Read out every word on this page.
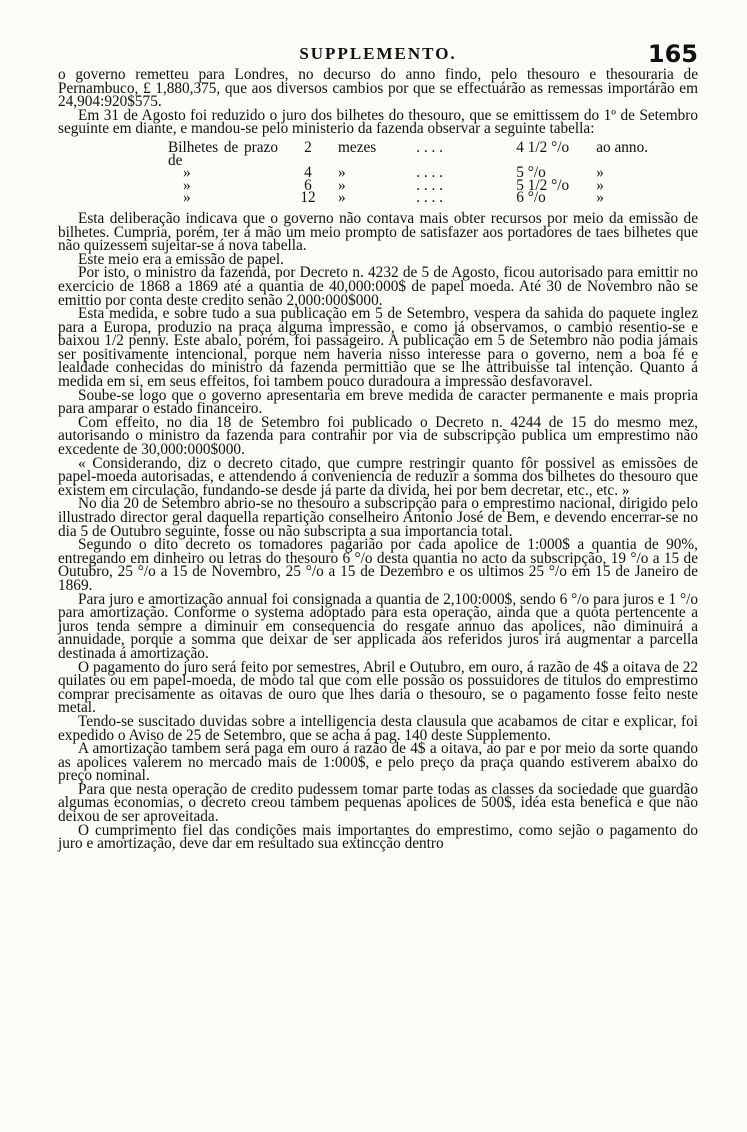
SUPPLEMENTO.	165

o governo remetteu para Londres, no decurso do anno findo, pelo thesouro e thesouraria de Pernambuco, £ 1,880,375, que aos diversos cambios por que se effectuárão as remessas importárão em 24,904:920$575.

Em 31 de Agosto foi reduzido o juro dos bilhetes do thesouro, que se emittissem do 1º de Setembro seguinte em diante, e mandou-se pelo ministerio da fazenda observar a seguinte tabella:

Bilhetes de prazo de	2	mezes	. . . .	4 1/2 °/o	ao anno.
»	4	»	. . . .	5 °/o	»
»	6	»	. . . .	5 1/2 °/o	»
»	12	»	. . . .	6 °/o	»

Esta deliberação indicava que o governo não contava mais obter recursos por meio da emissão de bilhetes. Cumpria, porém, ter á mão um meio prompto de satisfazer aos portadores de taes bilhetes que não quizessem sujeitar-se á nova tabella.

Este meio era a emissão de papel.

Por isto, o ministro da fazenda, por Decreto n. 4232 de 5 de Agosto, ficou autorisado para emittir no exercicio de 1868 a 1869 até a quantia de 40,000:000$ de papel moeda. Até 30 de Novembro não se emittio por conta deste credito senão 2,000:000$000.

Esta medida, e sobre tudo a sua publicação em 5 de Setembro, vespera da sahida do paquete inglez para a Europa, produzio na praça alguma impressão, e como já observamos, o cambio resentio-se e baixou 1/2 penny. Este abalo, porém, foi passageiro. A publicação em 5 de Setembro não podia jámais ser positivamente intencional, porque nem haveria nisso interesse para o governo, nem a boa fé e lealdade conhecidas do ministro da fazenda permittião que se lhe attribuisse tal intenção. Quanto á medida em si, em seus effeitos, foi tambem pouco duradoura a impressão desfavoravel.

Soube-se logo que o governo apresentaria em breve medida de caracter permanente e mais propria para amparar o estado financeiro.

Com effeito, no dia 18 de Setembro foi publicado o Decreto n. 4244 de 15 do mesmo mez, autorisando o ministro da fazenda para contrahir por via de subscripção publica um emprestimo não excedente de 30,000:000$000.

« Considerando, diz o decreto citado, que cumpre restringir quanto fôr possivel as emissões de papel-moeda autorisadas, e attendendo á conveniencia de reduzir a somma dos bilhetes do thesouro que existem em circulação, fundando-se desde já parte da divida, hei por bem decretar, etc., etc. »

No dia 20 de Setembro abrio-se no thesouro a subscripção para o emprestimo nacional, dirigido pelo illustrado director geral daquella repartição conselheiro Antonio José de Bem, e devendo encerrar-se no dia 5 de Outubro seguinte, fosse ou não subscripta a sua importancia total.

Segundo o dito decreto os tomadores pagarião por cada apolice de 1:000$ a quantia de 90%, entregando em dinheiro ou letras do thesouro 6 °/o desta quantia no acto da subscripção, 19 °/o a 15 de Outubro, 25 °/o a 15 de Novembro, 25 °/o a 15 de Dezembro e os ultimos 25 °/o em 15 de Janeiro de 1869.

Para juro e amortização annual foi consignada a quantia de 2,100:000$, sendo 6 °/o para juros e 1 °/o para amortização. Conforme o systema adoptado para esta operação, ainda que a quota pertencente a juros tenda sempre a diminuir em consequencia do resgate annuo das apolices, não diminuirá a annuidade, porque a somma que deixar de ser applicada aos referidos juros irá augmentar a parcella destinada á amortização.

O pagamento do juro será feito por semestres, Abril e Outubro, em ouro, á razão de 4$ a oitava de 22 quilates ou em papel-moeda, de modo tal que com elle possão os possuidores de titulos do emprestimo comprar precisamente as oitavas de ouro que lhes daria o thesouro, se o pagamento fosse feito neste metal.

Tendo-se suscitado duvidas sobre a intelligencia desta clausula que acabamos de citar e explicar, foi expedido o Aviso de 25 de Setembro, que se acha á pag. 140 deste Supplemento.

A amortização tambem será paga em ouro á razão de 4$ a oitava, ao par e por meio da sorte quando as apolices valerem no mercado mais de 1:000$, e pelo preço da praça quando estiverem abaixo do preço nominal.

Para que nesta operação de credito pudessem tomar parte todas as classes da sociedade que guardão algumas economias, o decreto creou tambem pequenas apolices de 500$, idéa esta benefica e que não deixou de ser aproveitada.

O cumprimento fiel das condições mais importantes do emprestimo, como sejão o pagamento do juro e amortização, deve dar em resultado sua extincção dentro
